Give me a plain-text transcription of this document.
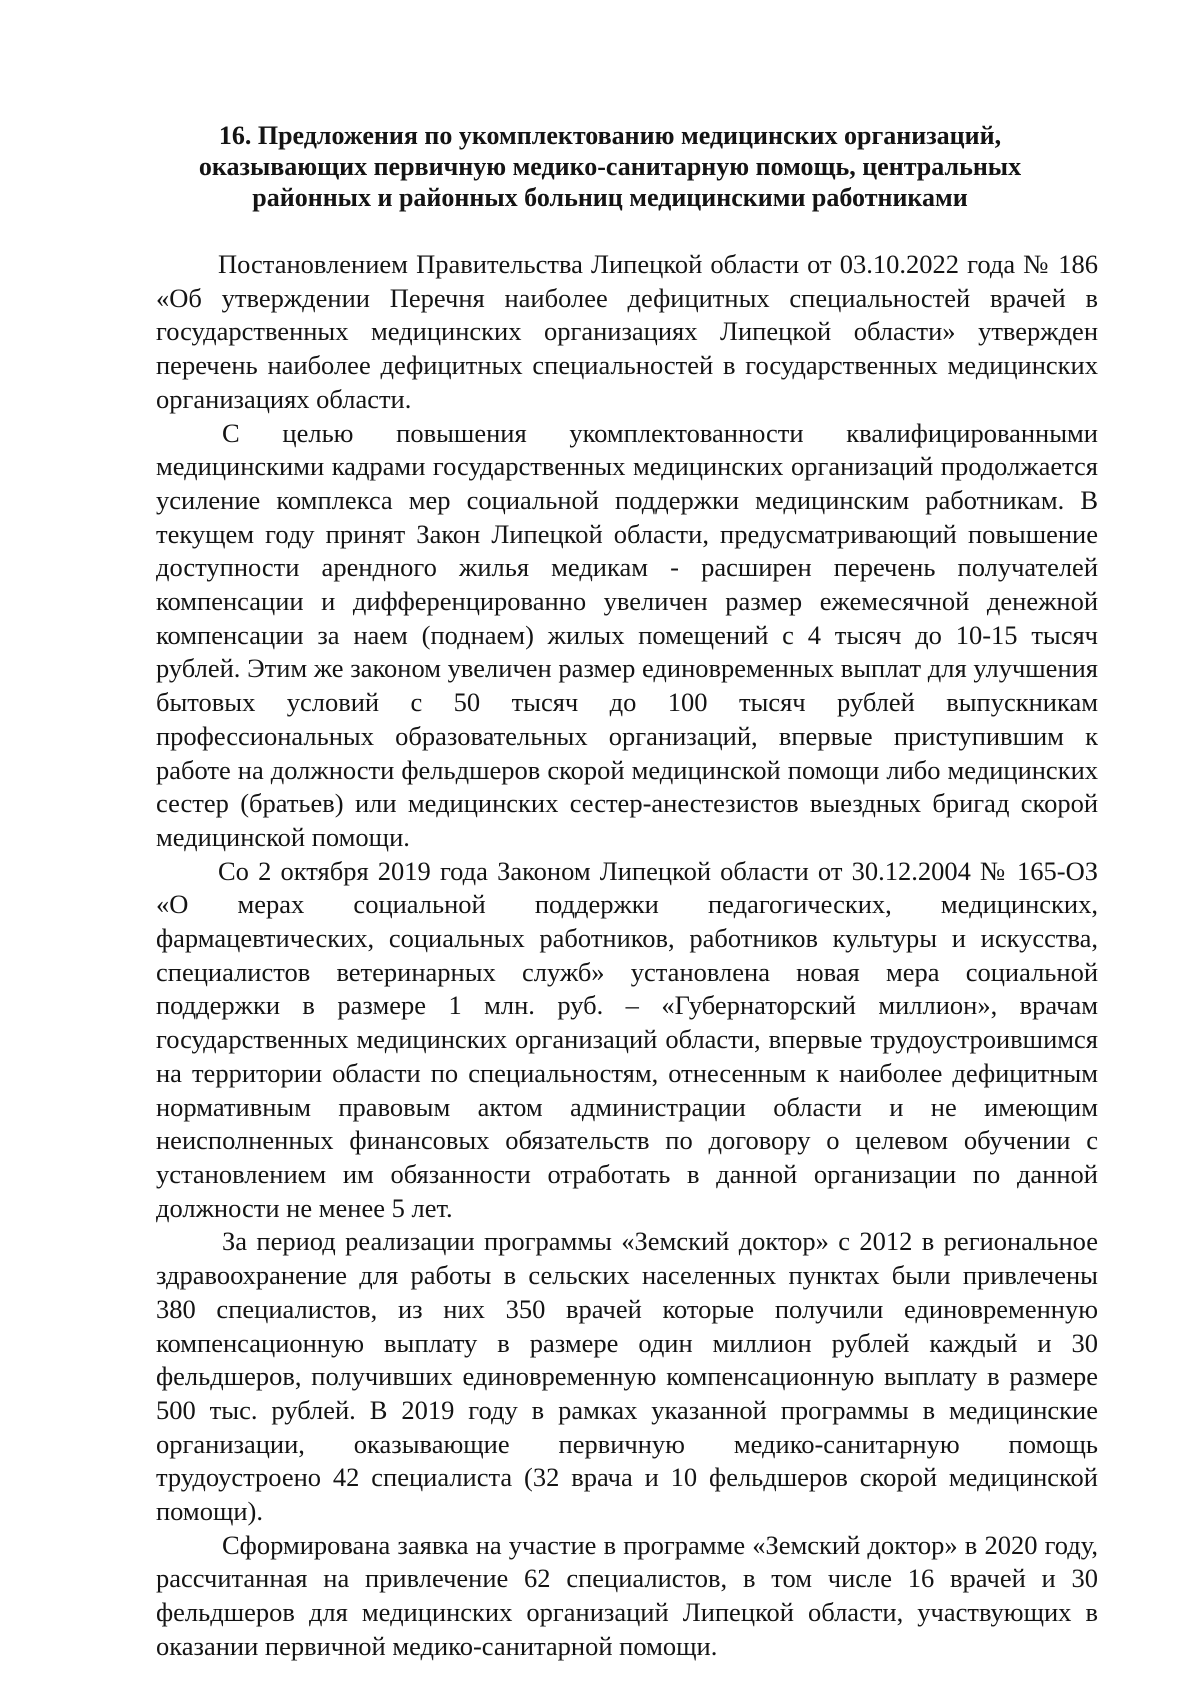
16. Предложения по укомплектованию медицинских организаций,
оказывающих первичную медико-санитарную помощь, центральных
районных и районных больниц медицинскими работниками

Постановлением Правительства Липецкой области от 03.10.2022 года № 186 «Об утверждении Перечня наиболее дефицитных специальностей врачей в государственных медицинских организациях Липецкой области» утвержден перечень наиболее дефицитных специальностей в государственных медицинских организациях области.

С целью повышения укомплектованности квалифицированными медицинскими кадрами государственных медицинских организаций продолжается усиление комплекса мер социальной поддержки медицинским работникам. В текущем году принят Закон Липецкой области, предусматривающий повышение доступности арендного жилья медикам - расширен перечень получателей компенсации и дифференцированно увеличен размер ежемесячной денежной компенсации за наем (поднаем) жилых помещений с 4 тысяч до 10-15 тысяч рублей. Этим же законом увеличен размер единовременных выплат для улучшения бытовых условий с 50 тысяч до 100 тысяч рублей выпускникам профессиональных образовательных организаций, впервые приступившим к работе на должности фельдшеров скорой медицинской помощи либо медицинских сестер (братьев) или медицинских сестер-анестезистов выездных бригад скорой медицинской помощи.

Со 2 октября 2019 года Законом Липецкой области от 30.12.2004 № 165-ОЗ «О мерах социальной поддержки педагогических, медицинских, фармацевтических, социальных работников, работников культуры и искусства, специалистов ветеринарных служб» установлена новая мера социальной поддержки в размере 1 млн. руб. – «Губернаторский миллион», врачам государственных медицинских организаций области, впервые трудоустроившимся на территории области по специальностям, отнесенным к наиболее дефицитным нормативным правовым актом администрации области и не имеющим неисполненных финансовых обязательств по договору о целевом обучении с установлением им обязанности отработать в данной организации по данной должности не менее 5 лет.

За период реализации программы «Земский доктор» с 2012 в региональное здравоохранение для работы в сельских населенных пунктах были привлечены 380 специалистов, из них 350 врачей которые получили единовременную компенсационную выплату в размере один миллион рублей каждый и 30 фельдшеров, получивших единовременную компенсационную выплату в размере 500 тыс. рублей. В 2019 году в рамках указанной программы в медицинские организации, оказывающие первичную медико-санитарную помощь трудоустроено 42 специалиста (32 врача и 10 фельдшеров скорой медицинской помощи).

Сформирована заявка на участие в программе «Земский доктор» в 2020 году, рассчитанная на привлечение 62 специалистов, в том числе 16 врачей и 30 фельдшеров для медицинских организаций Липецкой области, участвующих в оказании первичной медико-санитарной помощи.
